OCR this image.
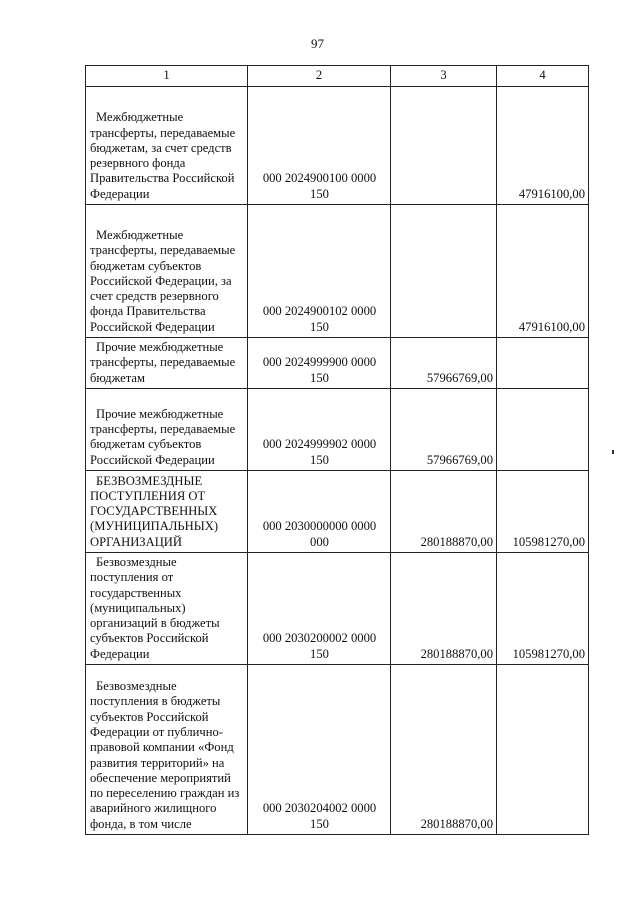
97
1	2	3	4

Межбюджетные трансферты, передаваемые бюджетам, за счет средств резервного фонда Правительства Российской Федерации	000 2024900100 0000 150		47916100,00

Межбюджетные трансферты, передаваемые бюджетам субъектов Российской Федерации, за счет средств резервного фонда Правительства Российской Федерации	000 2024900102 0000 150		47916100,00

Прочие межбюджетные трансферты, передаваемые бюджетам	000 2024999900 0000 150	57966769,00	

Прочие межбюджетные трансферты, передаваемые бюджетам субъектов Российской Федерации	000 2024999902 0000 150	57966769,00	

БЕЗВОЗМЕЗДНЫЕ ПОСТУПЛЕНИЯ ОТ ГОСУДАРСТВЕННЫХ (МУНИЦИПАЛЬНЫХ) ОРГАНИЗАЦИЙ	000 2030000000 0000 000	280188870,00	105981270,00

Безвозмездные поступления от государственных (муниципальных) организаций в бюджеты субъектов Российской Федерации	000 2030200002 0000 150	280188870,00	105981270,00

Безвозмездные поступления в бюджеты субъектов Российской Федерации от публично-правовой компании «Фонд развития территорий» на обеспечение мероприятий по переселению граждан из аварийного жилищного фонда, в том числе	000 2030204002 0000 150	280188870,00	
